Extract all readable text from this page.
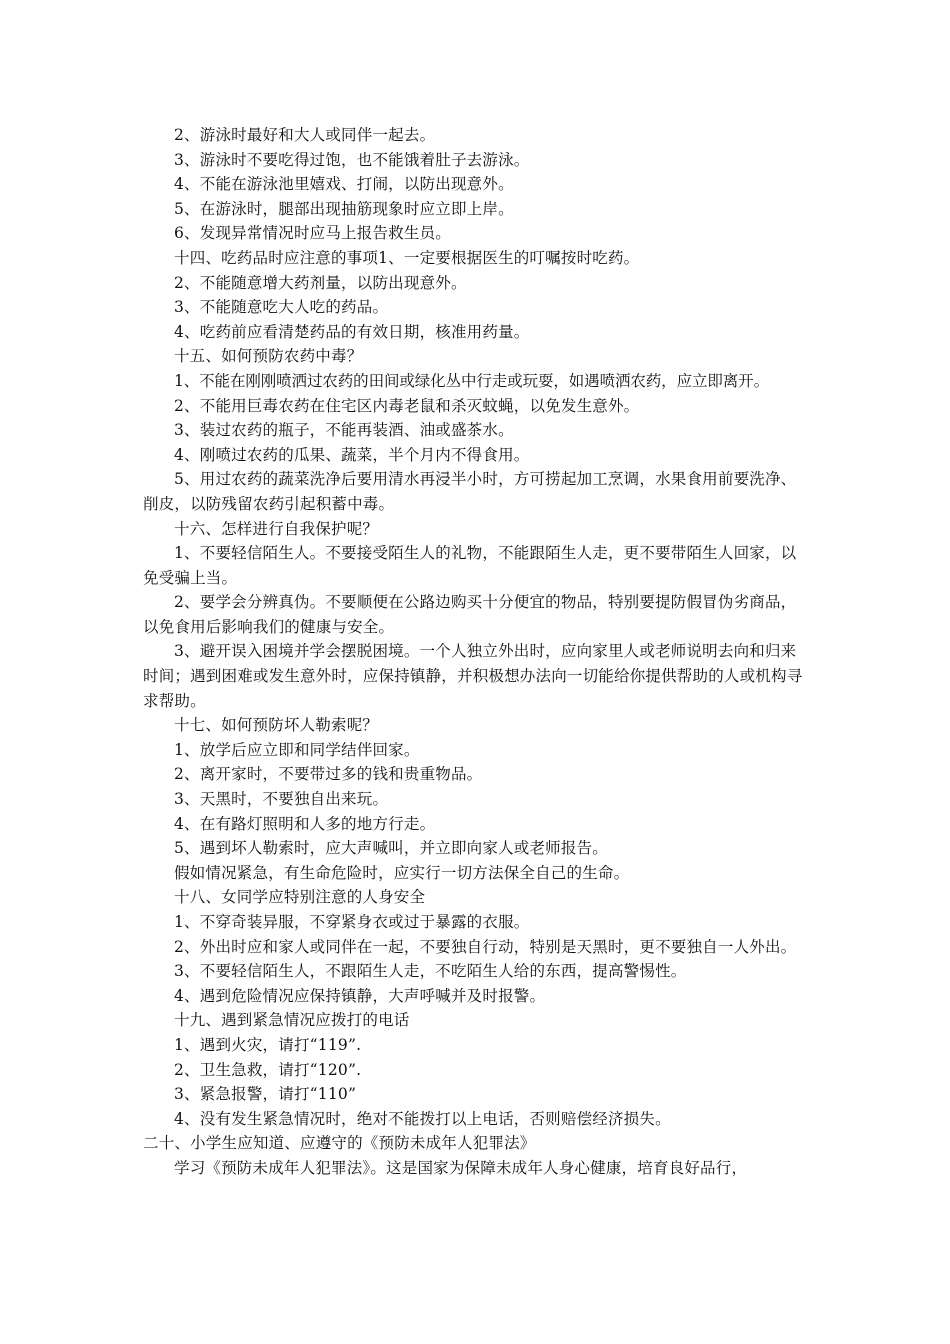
2、游泳时最好和大人或同伴一起去。

3、游泳时不要吃得过饱，也不能饿着肚子去游泳。

4、不能在游泳池里嬉戏、打闹，以防出现意外。

5、在游泳时，腿部出现抽筋现象时应立即上岸。

6、发现异常情况时应马上报告救生员。

十四、吃药品时应注意的事项1、一定要根据医生的叮嘱按时吃药。

2、不能随意增大药剂量，以防出现意外。

3、不能随意吃大人吃的药品。

4、吃药前应看清楚药品的有效日期，核准用药量。

十五、如何预防农药中毒？

1、不能在刚刚喷洒过农药的田间或绿化丛中行走或玩耍，如遇喷洒农药，应立即离开。

2、不能用巨毒农药在住宅区内毒老鼠和杀灭蚊蝇，以免发生意外。

3、装过农药的瓶子，不能再装酒、油或盛茶水。

4、刚喷过农药的瓜果、蔬菜，半个月内不得食用。

5、用过农药的蔬菜洗净后要用清水再浸半小时，方可捞起加工烹调，水果食用前要洗净、削皮，以防残留农药引起积蓄中毒。

十六、怎样进行自我保护呢？

1、不要轻信陌生人。不要接受陌生人的礼物，不能跟陌生人走，更不要带陌生人回家，以免受骗上当。

2、要学会分辨真伪。不要顺便在公路边购买十分便宜的物品，特别要提防假冒伪劣商品，以免食用后影响我们的健康与安全。

3、避开误入困境并学会摆脱困境。一个人独立外出时，应向家里人或老师说明去向和归来时间；遇到困难或发生意外时，应保持镇静，并积极想办法向一切能给你提供帮助的人或机构寻求帮助。

十七、如何预防坏人勒索呢？

1、放学后应立即和同学结伴回家。

2、离开家时，不要带过多的钱和贵重物品。

3、天黑时，不要独自出来玩。

4、在有路灯照明和人多的地方行走。

5、遇到坏人勒索时，应大声喊叫，并立即向家人或老师报告。

假如情况紧急，有生命危险时，应实行一切方法保全自己的生命。

十八、女同学应特别注意的人身安全

1、不穿奇装异服，不穿紧身衣或过于暴露的衣服。

2、外出时应和家人或同伴在一起，不要独自行动，特别是天黑时，更不要独自一人外出。

3、不要轻信陌生人，不跟陌生人走，不吃陌生人给的东西，提高警惕性。

4、遇到危险情况应保持镇静，大声呼喊并及时报警。

十九、遇到紧急情况应拨打的电话

1、遇到火灾，请打“119”.

2、卫生急救，请打“120”.

3、紧急报警，请打“110”

4、没有发生紧急情况时，绝对不能拨打以上电话，否则赔偿经济损失。

二十、小学生应知道、应遵守的《预防未成年人犯罪法》

学习《预防未成年人犯罪法》。这是国家为保障未成年人身心健康，培育良好品行，
